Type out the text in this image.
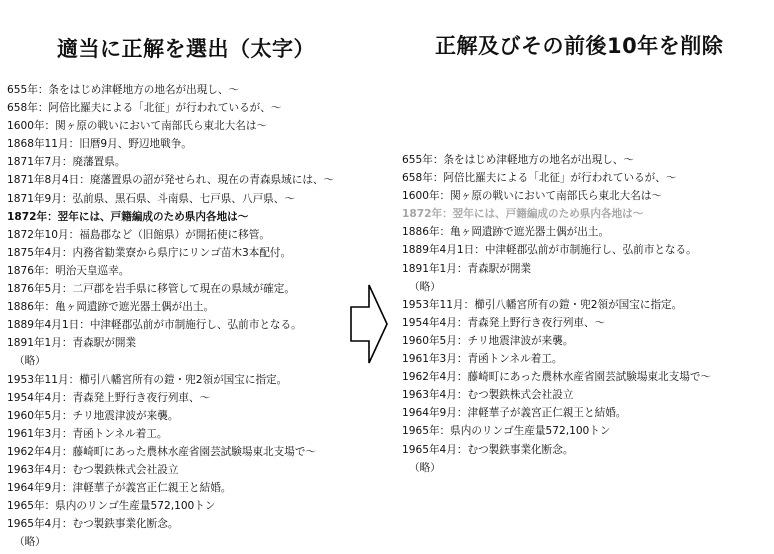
適当に正解を選出（太字）
655年：条をはじめ津軽地方の地名が出現し、〜
658年：阿倍比羅夫による「北征」が行われているが、〜
1600年：関ヶ原の戦いにおいて南部氏ら東北大名は〜
1868年11月：旧暦9月、野辺地戦争。
1871年7月：廃藩置県。
1871年8月4日：廃藩置県の詔が発せられ、現在の青森県域には、〜
1871年9月：弘前県、黒石県、斗南県、七戸県、八戸県、〜
1872年：翌年には、戸籍編成のため県内各地は〜
1872年10月：福島郡など（旧館県）が開拓使に移管。
1875年4月：内務省勧業寮から県庁にリンゴ苗木3本配付。
1876年：明治天皇巡幸。
1876年5月：二戸郡を岩手県に移管して現在の県域が確定。
1886年：亀ヶ岡遺跡で遮光器土偶が出土。
1889年4月1日：中津軽郡弘前が市制施行し、弘前市となる。
1891年1月：青森駅が開業
（略）
1953年11月：櫛引八幡宮所有の鎧・兜2領が国宝に指定。
1954年4月：青森発上野行き夜行列車、〜
1960年5月：チリ地震津波が来襲。
1961年3月：青函トンネル着工。
1962年4月：藤崎町にあった農林水産省園芸試験場東北支場で〜
1963年4月：むつ製鉄株式会社設立
1964年9月：津軽華子が義宮正仁親王と結婚。
1965年：県内のリンゴ生産量572,100トン
1965年4月：むつ製鉄事業化断念。
（略）
正解及びその前後10年を削除
655年：条をはじめ津軽地方の地名が出現し、〜
658年：阿倍比羅夫による「北征」が行われているが、〜
1600年：関ヶ原の戦いにおいて南部氏ら東北大名は〜
1872年：翌年には、戸籍編成のため県内各地は〜
1886年：亀ヶ岡遺跡で遮光器土偶が出土。
1889年4月1日：中津軽郡弘前が市制施行し、弘前市となる。
1891年1月：青森駅が開業
（略）
1953年11月：櫛引八幡宮所有の鎧・兜2領が国宝に指定。
1954年4月：青森発上野行き夜行列車、〜
1960年5月：チリ地震津波が来襲。
1961年3月：青函トンネル着工。
1962年4月：藤崎町にあった農林水産省園芸試験場東北支場で〜
1963年4月：むつ製鉄株式会社設立
1964年9月：津軽華子が義宮正仁親王と結婚。
1965年：県内のリンゴ生産量572,100トン
1965年4月：むつ製鉄事業化断念。
（略）
